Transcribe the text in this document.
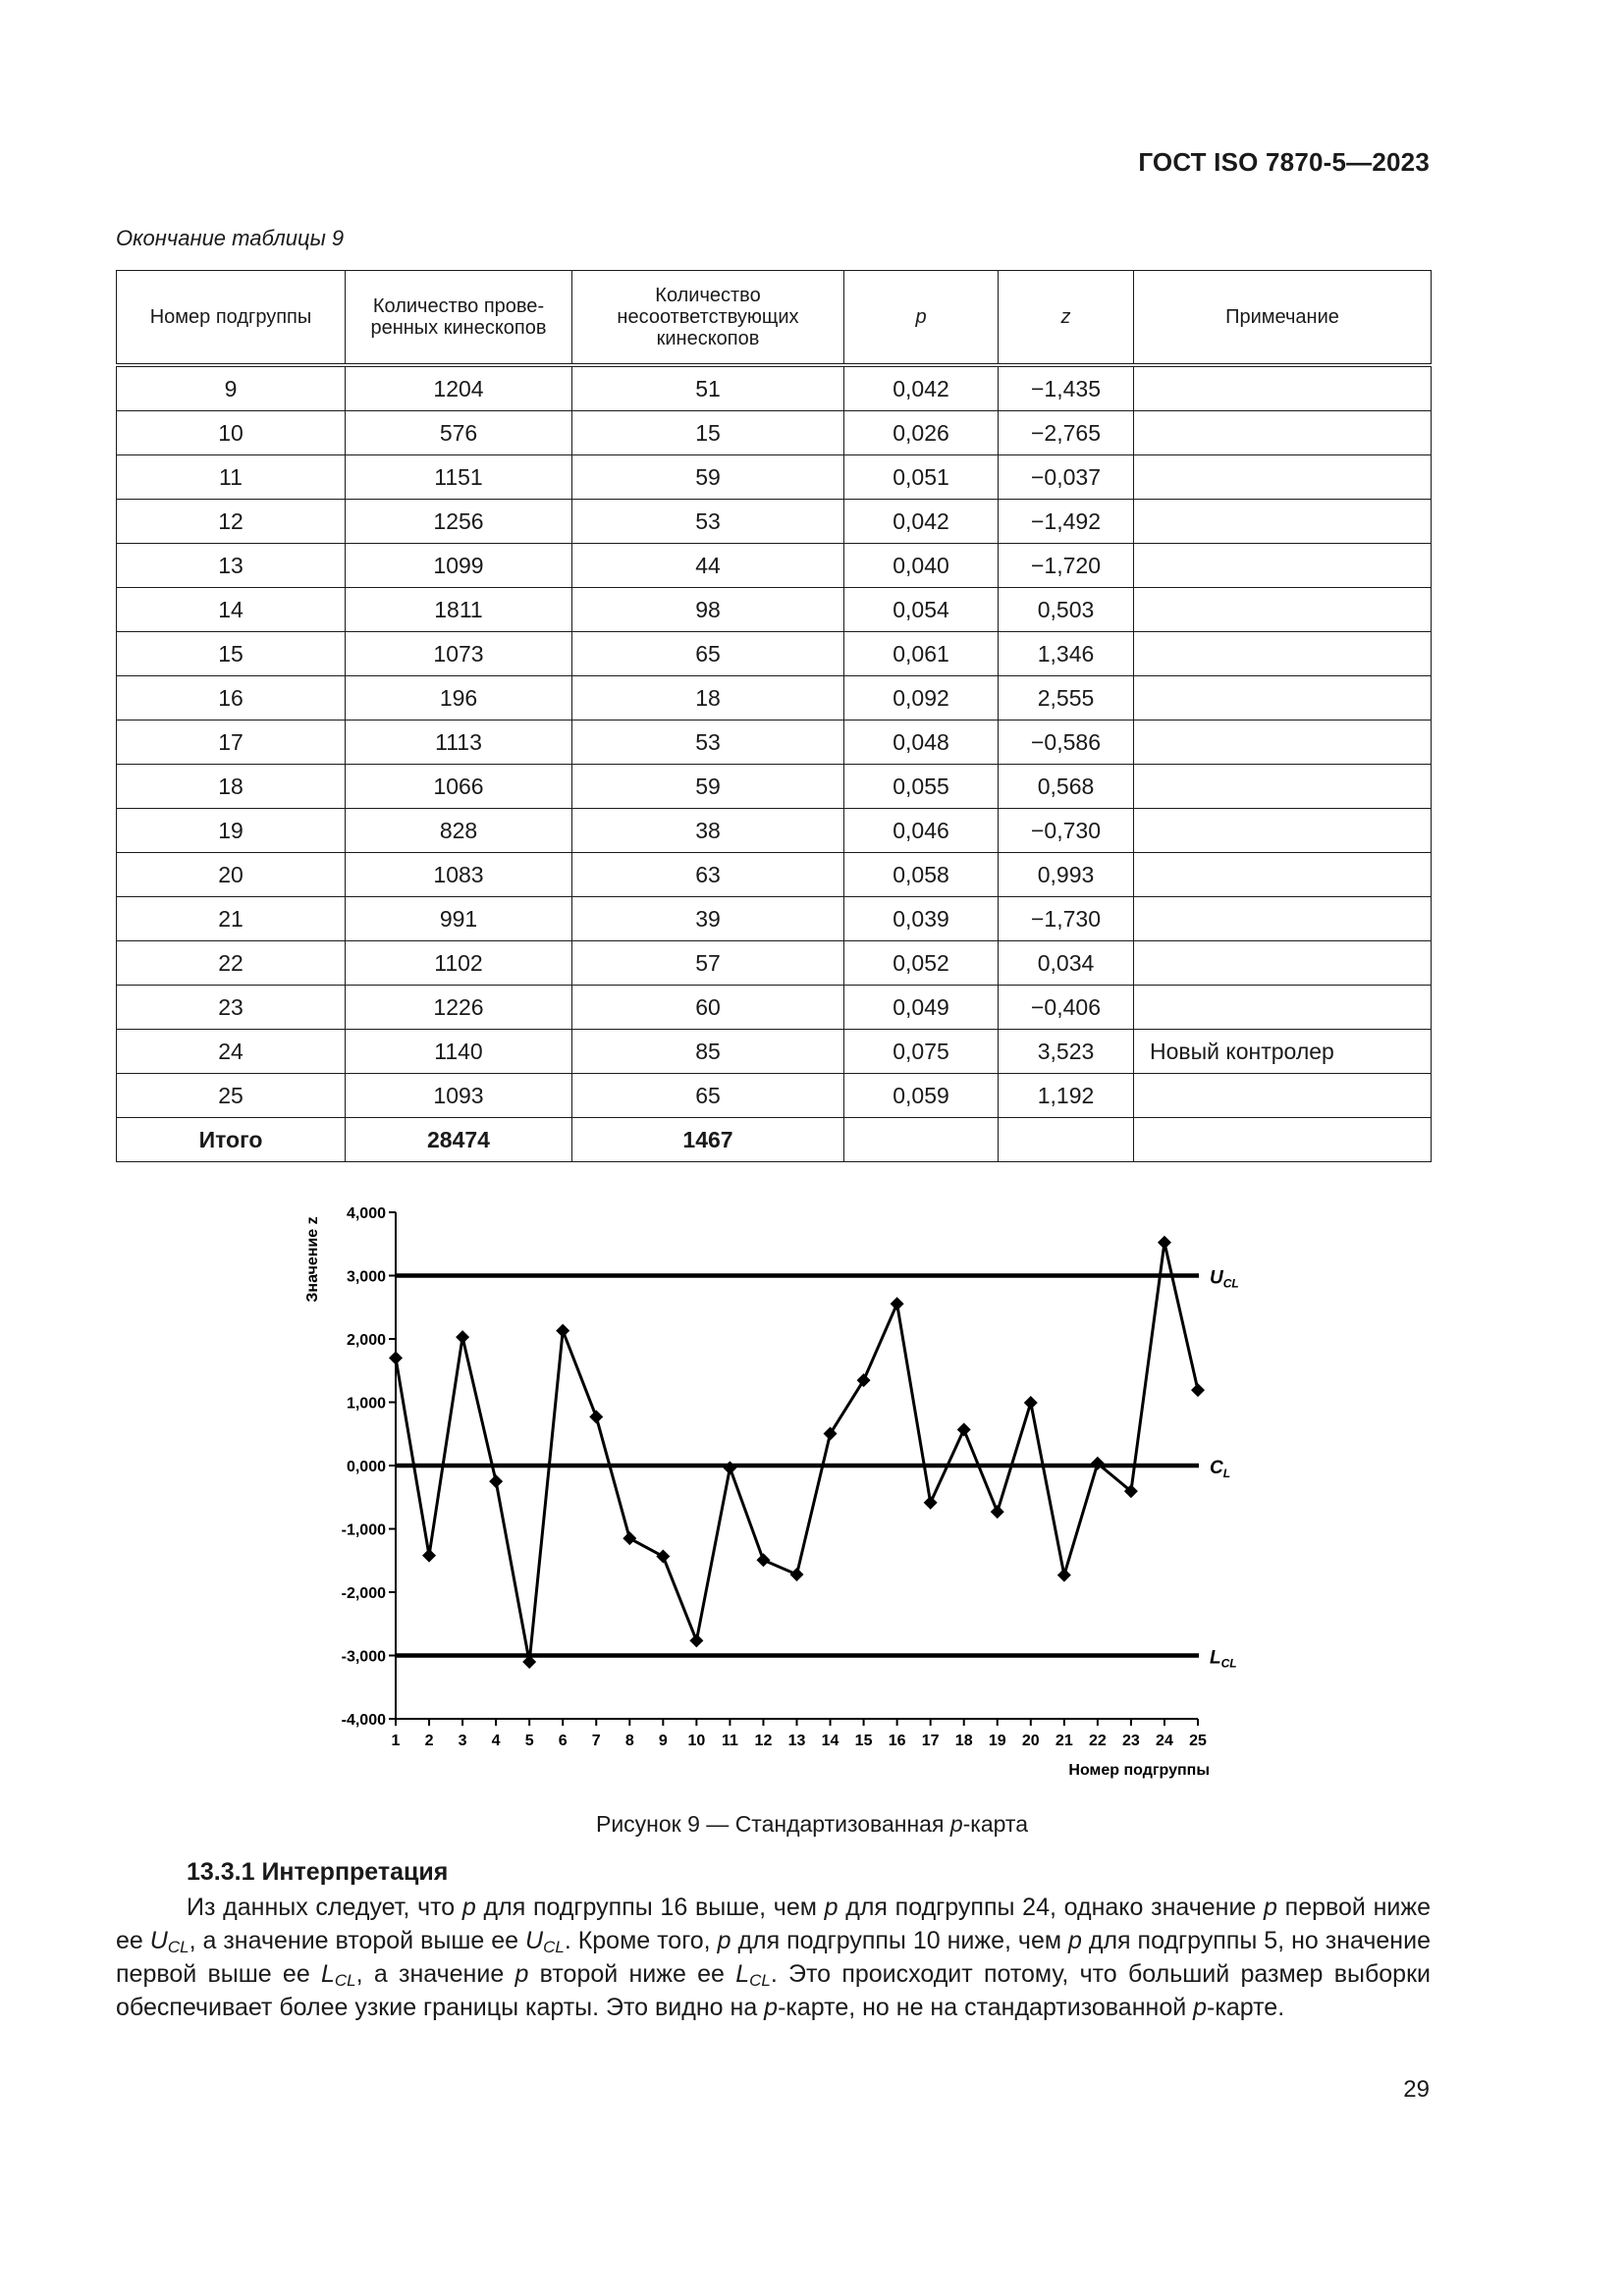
ГОСТ ISO 7870-5—2023
Окончание таблицы 9
Номер подгруппы	Количество проверенных кинескопов	Количество несоответствующих кинескопов	p	z	Примечание
9	1204	51	0,042	−1,435	
10	576	15	0,026	−2,765	
11	1151	59	0,051	−0,037	
12	1256	53	0,042	−1,492	
13	1099	44	0,040	−1,720	
14	1811	98	0,054	0,503	
15	1073	65	0,061	1,346	
16	196	18	0,092	2,555	
17	1113	53	0,048	−0,586	
18	1066	59	0,055	0,568	
19	828	38	0,046	−0,730	
20	1083	63	0,058	0,993	
21	991	39	0,039	−1,730	
22	1102	57	0,052	0,034	
23	1226	60	0,049	−0,406	
24	1140	85	0,075	3,523	Новый контролер
25	1093	65	0,059	1,192	
Итого	28474	1467			
4,000
3,000
2,000
1,000
0,000
-1,000
-2,000
-3,000
-4,000
1 2 3 4 5 6 7 8 9 10 11 12 13 14 15 16 17 18 19 20 21 22 23 24 25
Номер подгруппы
Значение z	$U_{CL}$
$C_L$
$L_{CL}$
Рисунок 9 — Стандартизованная p-карта
13.3.1 Интерпретация
Из данных следует, что p для подгруппы 16 выше, чем p для подгруппы 24, однако значение p первой ниже ее $U_{CL}$, а значение второй выше ее $U_{CL}$. Кроме того, p для подгруппы 10 ниже, чем p для подгруппы 5, но значение первой выше ее $L_{CL}$, а значение p второй ниже ее $L_{CL}$. Это происходит потому, что больший размер выборки обеспечивает более узкие границы карты. Это видно на p-карте, но не на стандартизованной p-карте.
29
